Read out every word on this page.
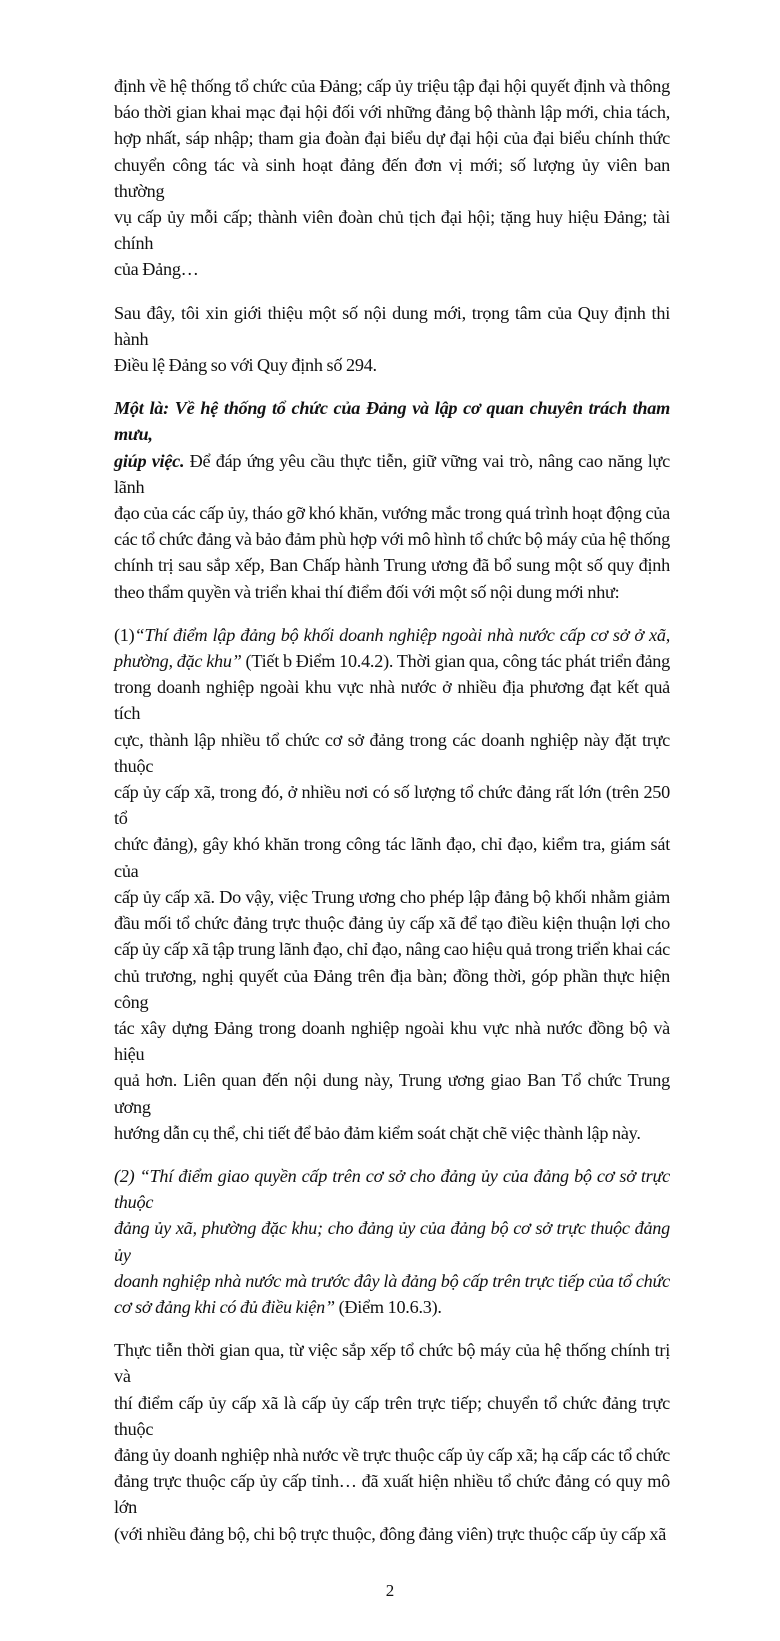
định về hệ thống tổ chức của Đảng; cấp ủy triệu tập đại hội quyết định và thông
báo thời gian khai mạc đại hội đối với những đảng bộ thành lập mới, chia tách,
hợp nhất, sáp nhập; tham gia đoàn đại biểu dự đại hội của đại biểu chính thức
chuyển công tác và sinh hoạt đảng đến đơn vị mới; số lượng ủy viên ban thường
vụ cấp ủy mỗi cấp; thành viên đoàn chủ tịch đại hội; tặng huy hiệu Đảng; tài chính
của Đảng…

Sau đây, tôi xin giới thiệu một số nội dung mới, trọng tâm của Quy định thi hành
Điều lệ Đảng so với Quy định số 294.

Một là: Về hệ thống tổ chức của Đảng và lập cơ quan chuyên trách tham mưu,
giúp việc. Để đáp ứng yêu cầu thực tiễn, giữ vững vai trò, nâng cao năng lực lãnh
đạo của các cấp ủy, tháo gỡ khó khăn, vướng mắc trong quá trình hoạt động của
các tổ chức đảng và bảo đảm phù hợp với mô hình tổ chức bộ máy của hệ thống
chính trị sau sắp xếp, Ban Chấp hành Trung ương đã bổ sung một số quy định
theo thẩm quyền và triển khai thí điểm đối với một số nội dung mới như:

(1)“Thí điểm lập đảng bộ khối doanh nghiệp ngoài nhà nước cấp cơ sở ở xã,
phường, đặc khu” (Tiết b Điểm 10.4.2). Thời gian qua, công tác phát triển đảng
trong doanh nghiệp ngoài khu vực nhà nước ở nhiều địa phương đạt kết quả tích
cực, thành lập nhiều tổ chức cơ sở đảng trong các doanh nghiệp này đặt trực thuộc
cấp ủy cấp xã, trong đó, ở nhiều nơi có số lượng tổ chức đảng rất lớn (trên 250 tổ
chức đảng), gây khó khăn trong công tác lãnh đạo, chỉ đạo, kiểm tra, giám sát của
cấp ủy cấp xã. Do vậy, việc Trung ương cho phép lập đảng bộ khối nhằm giảm
đầu mối tổ chức đảng trực thuộc đảng ủy cấp xã để tạo điều kiện thuận lợi cho
cấp ủy cấp xã tập trung lãnh đạo, chỉ đạo, nâng cao hiệu quả trong triển khai các
chủ trương, nghị quyết của Đảng trên địa bàn; đồng thời, góp phần thực hiện công
tác xây dựng Đảng trong doanh nghiệp ngoài khu vực nhà nước đồng bộ và hiệu
quả hơn. Liên quan đến nội dung này, Trung ương giao Ban Tổ chức Trung ương
hướng dẫn cụ thể, chi tiết để bảo đảm kiểm soát chặt chẽ việc thành lập này.

(2) “Thí điểm giao quyền cấp trên cơ sở cho đảng ủy của đảng bộ cơ sở trực thuộc
đảng ủy xã, phường đặc khu; cho đảng ủy của đảng bộ cơ sở trực thuộc đảng ủy
doanh nghiệp nhà nước mà trước đây là đảng bộ cấp trên trực tiếp của tổ chức
cơ sở đảng khi có đủ điều kiện” (Điểm 10.6.3).

Thực tiễn thời gian qua, từ việc sắp xếp tổ chức bộ máy của hệ thống chính trị và
thí điểm cấp ủy cấp xã là cấp ủy cấp trên trực tiếp; chuyển tổ chức đảng trực thuộc
đảng ủy doanh nghiệp nhà nước về trực thuộc cấp ủy cấp xã; hạ cấp các tổ chức
đảng trực thuộc cấp ủy cấp tỉnh… đã xuất hiện nhiều tổ chức đảng có quy mô lớn
(với nhiều đảng bộ, chi bộ trực thuộc, đông đảng viên) trực thuộc cấp ủy cấp xã

2
